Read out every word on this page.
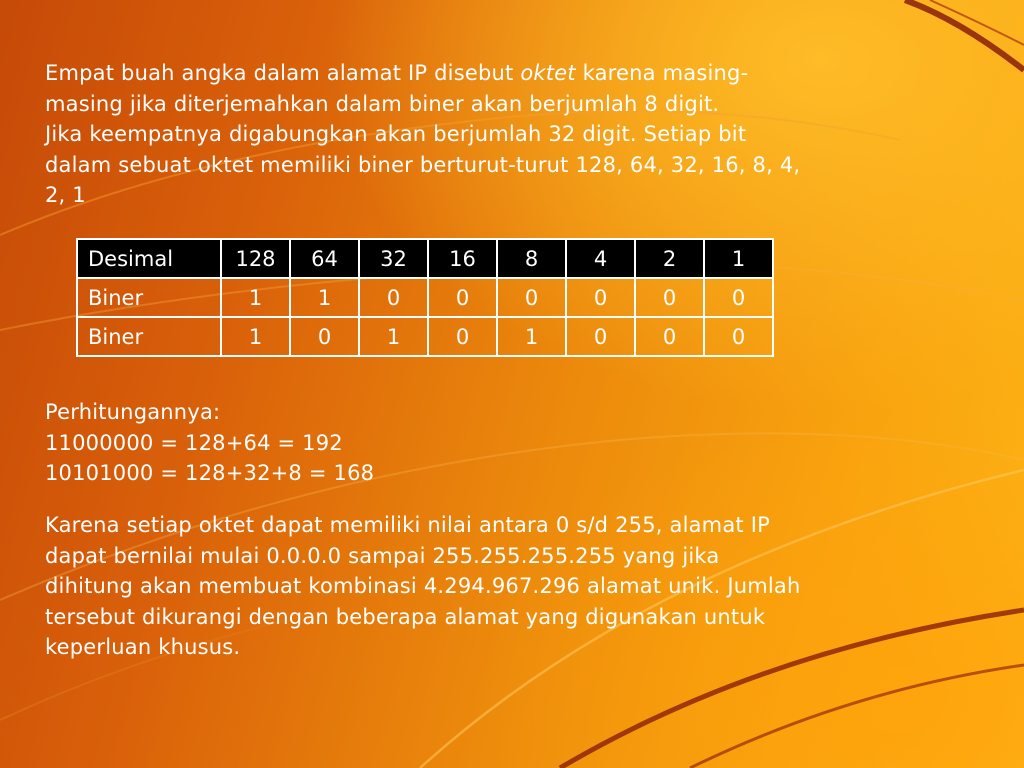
Empat buah angka dalam alamat IP disebut oktet karena masing-
masing jika diterjemahkan dalam biner akan berjumlah 8 digit.
Jika keempatnya digabungkan akan berjumlah 32 digit. Setiap bit
dalam sebuat oktet memiliki biner berturut-turut 128, 64, 32, 16, 8, 4,
2, 1

Desimal	128	64	32	16	8	4	2	1
Biner	1	1	0	0	0	0	0	0
Biner	1	0	1	0	1	0	0	0

Perhitungannya:
11000000 = 128+64 = 192
10101000 = 128+32+8 = 168

Karena setiap oktet dapat memiliki nilai antara 0 s/d 255, alamat IP
dapat bernilai mulai 0.0.0.0 sampai 255.255.255.255 yang jika
dihitung akan membuat kombinasi 4.294.967.296 alamat unik. Jumlah
tersebut dikurangi dengan beberapa alamat yang digunakan untuk
keperluan khusus.
